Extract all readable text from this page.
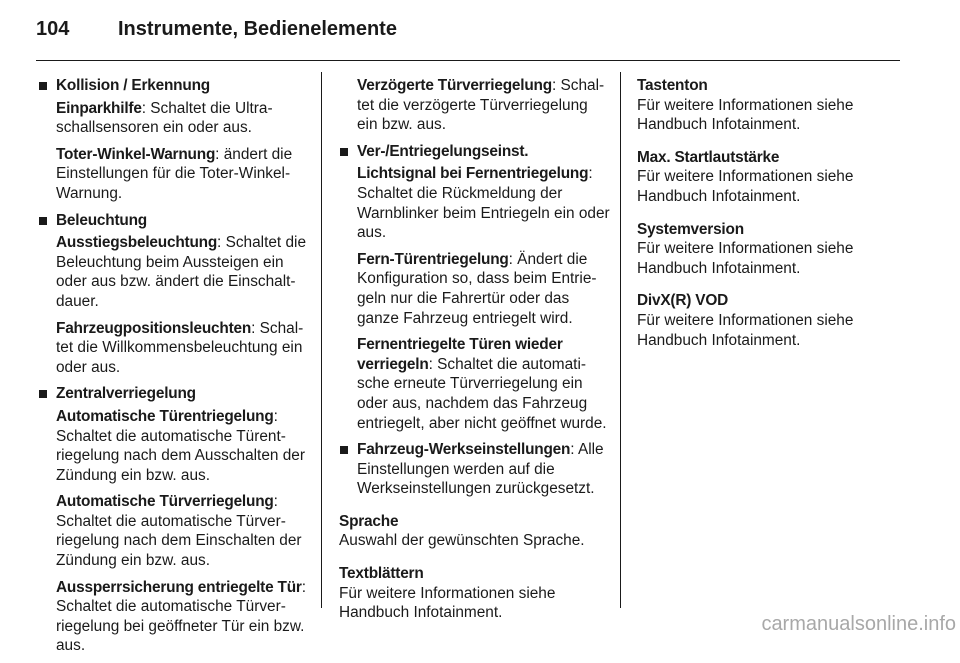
104 Instrumente, Bedienelemente
Kollision / Erkennung

Einparkhilfe: Schaltet die Ultraschallsensoren ein oder aus.

Toter-Winkel-Warnung: ändert die Einstellungen für die Toter-Winkel-Warnung.

Beleuchtung

Ausstiegsbeleuchtung: Schaltet die Beleuchtung beim Aussteigen ein oder aus bzw. ändert die Einschaltdauer.

Fahrzeugpositionsleuchten: Schaltet die Willkommensbeleuchtung ein oder aus.

Zentralverriegelung

Automatische Türentriegelung: Schaltet die automatische Türentriegelung nach dem Ausschalten der Zündung ein bzw. aus.

Automatische Türverriegelung: Schaltet die automatische Türverriegelung nach dem Einschalten der Zündung ein bzw. aus.

Aussperrsicherung entriegelte Tür: Schaltet die automatische Türverriegelung bei geöffneter Tür ein bzw. aus.

Verzögerte Türverriegelung: Schaltet die verzögerte Türverriegelung ein bzw. aus.

Ver-/Entriegelungseinst.

Lichtsignal bei Fernentriegelung: Schaltet die Rückmeldung der Warnblinker beim Entriegeln ein oder aus.

Fern-Türentriegelung: Ändert die Konfiguration so, dass beim Entriegeln nur die Fahrertür oder das ganze Fahrzeug entriegelt wird.

Fernentriegelte Türen wieder verriegeln: Schaltet die automatische erneute Türverriegelung ein oder aus, nachdem das Fahrzeug entriegelt, aber nicht geöffnet wurde.

Fahrzeug-Werkseinstellungen: Alle Einstellungen werden auf die Werkseinstellungen zurückgesetzt.

Sprache

Auswahl der gewünschten Sprache.

Textblättern

Für weitere Informationen siehe Handbuch Infotainment.

Tastenton

Für weitere Informationen siehe Handbuch Infotainment.

Max. Startlautstärke

Für weitere Informationen siehe Handbuch Infotainment.

Systemversion

Für weitere Informationen siehe Handbuch Infotainment.

DivX(R) VOD

Für weitere Informationen siehe Handbuch Infotainment.

carmanualsonline.info
